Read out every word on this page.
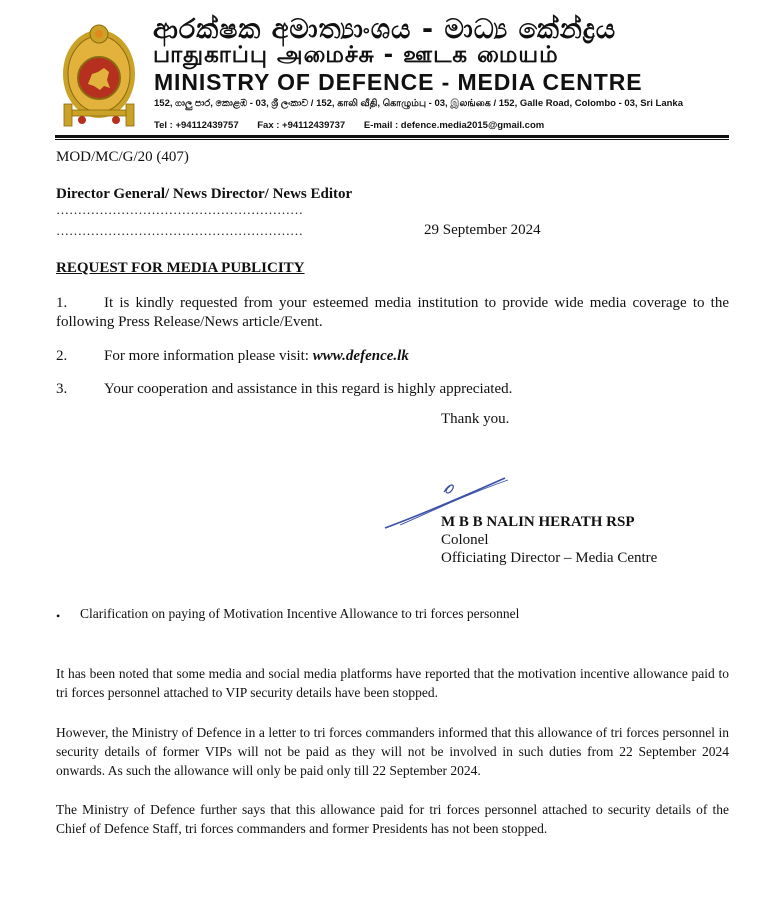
ආරක්ෂක අමාත්‍යාංශය - මාධ්‍ය කේන්ද්‍රය
பாதுகாப்பு அமைச்சு - ஊடக மையம்
MINISTRY OF DEFENCE - MEDIA CENTRE
152, ගාලු පාර, කොළඹ - 03, ශ්‍රී ලංකාව / 152, காலி வீதி, கொழும்பு - 03, இலங்கை / 152, Galle Road, Colombo - 03, Sri Lanka
Tel : +94112439757 Fax : +94112439737 E-mail : defence.media2015@gmail.com
MOD/MC/G/20 (407)
Director General/ News Director/ News Editor
…………………………………………………
…………………………………………………	29 September 2024
REQUEST FOR MEDIA PUBLICITY
1.	It is kindly requested from your esteemed media institution to provide wide media coverage to the following Press Release/News article/Event.
2. For more information please visit: www.defence.lk
3. Your cooperation and assistance in this regard is highly appreciated.
Thank you.
M B B NALIN HERATH RSP
Colonel
Officiating Director – Media Centre
• Clarification on paying of Motivation Incentive Allowance to tri forces personnel
It has been noted that some media and social media platforms have reported that the motivation incentive allowance paid to tri forces personnel attached to VIP security details have been stopped.
However, the Ministry of Defence in a letter to tri forces commanders informed that this allowance of tri forces personnel in security details of former VIPs will not be paid as they will not be involved in such duties from 22 September 2024 onwards. As such the allowance will only be paid only till 22 September 2024.
The Ministry of Defence further says that this allowance paid for tri forces personnel attached to security details of the Chief of Defence Staff, tri forces commanders and former Presidents has not been stopped.
